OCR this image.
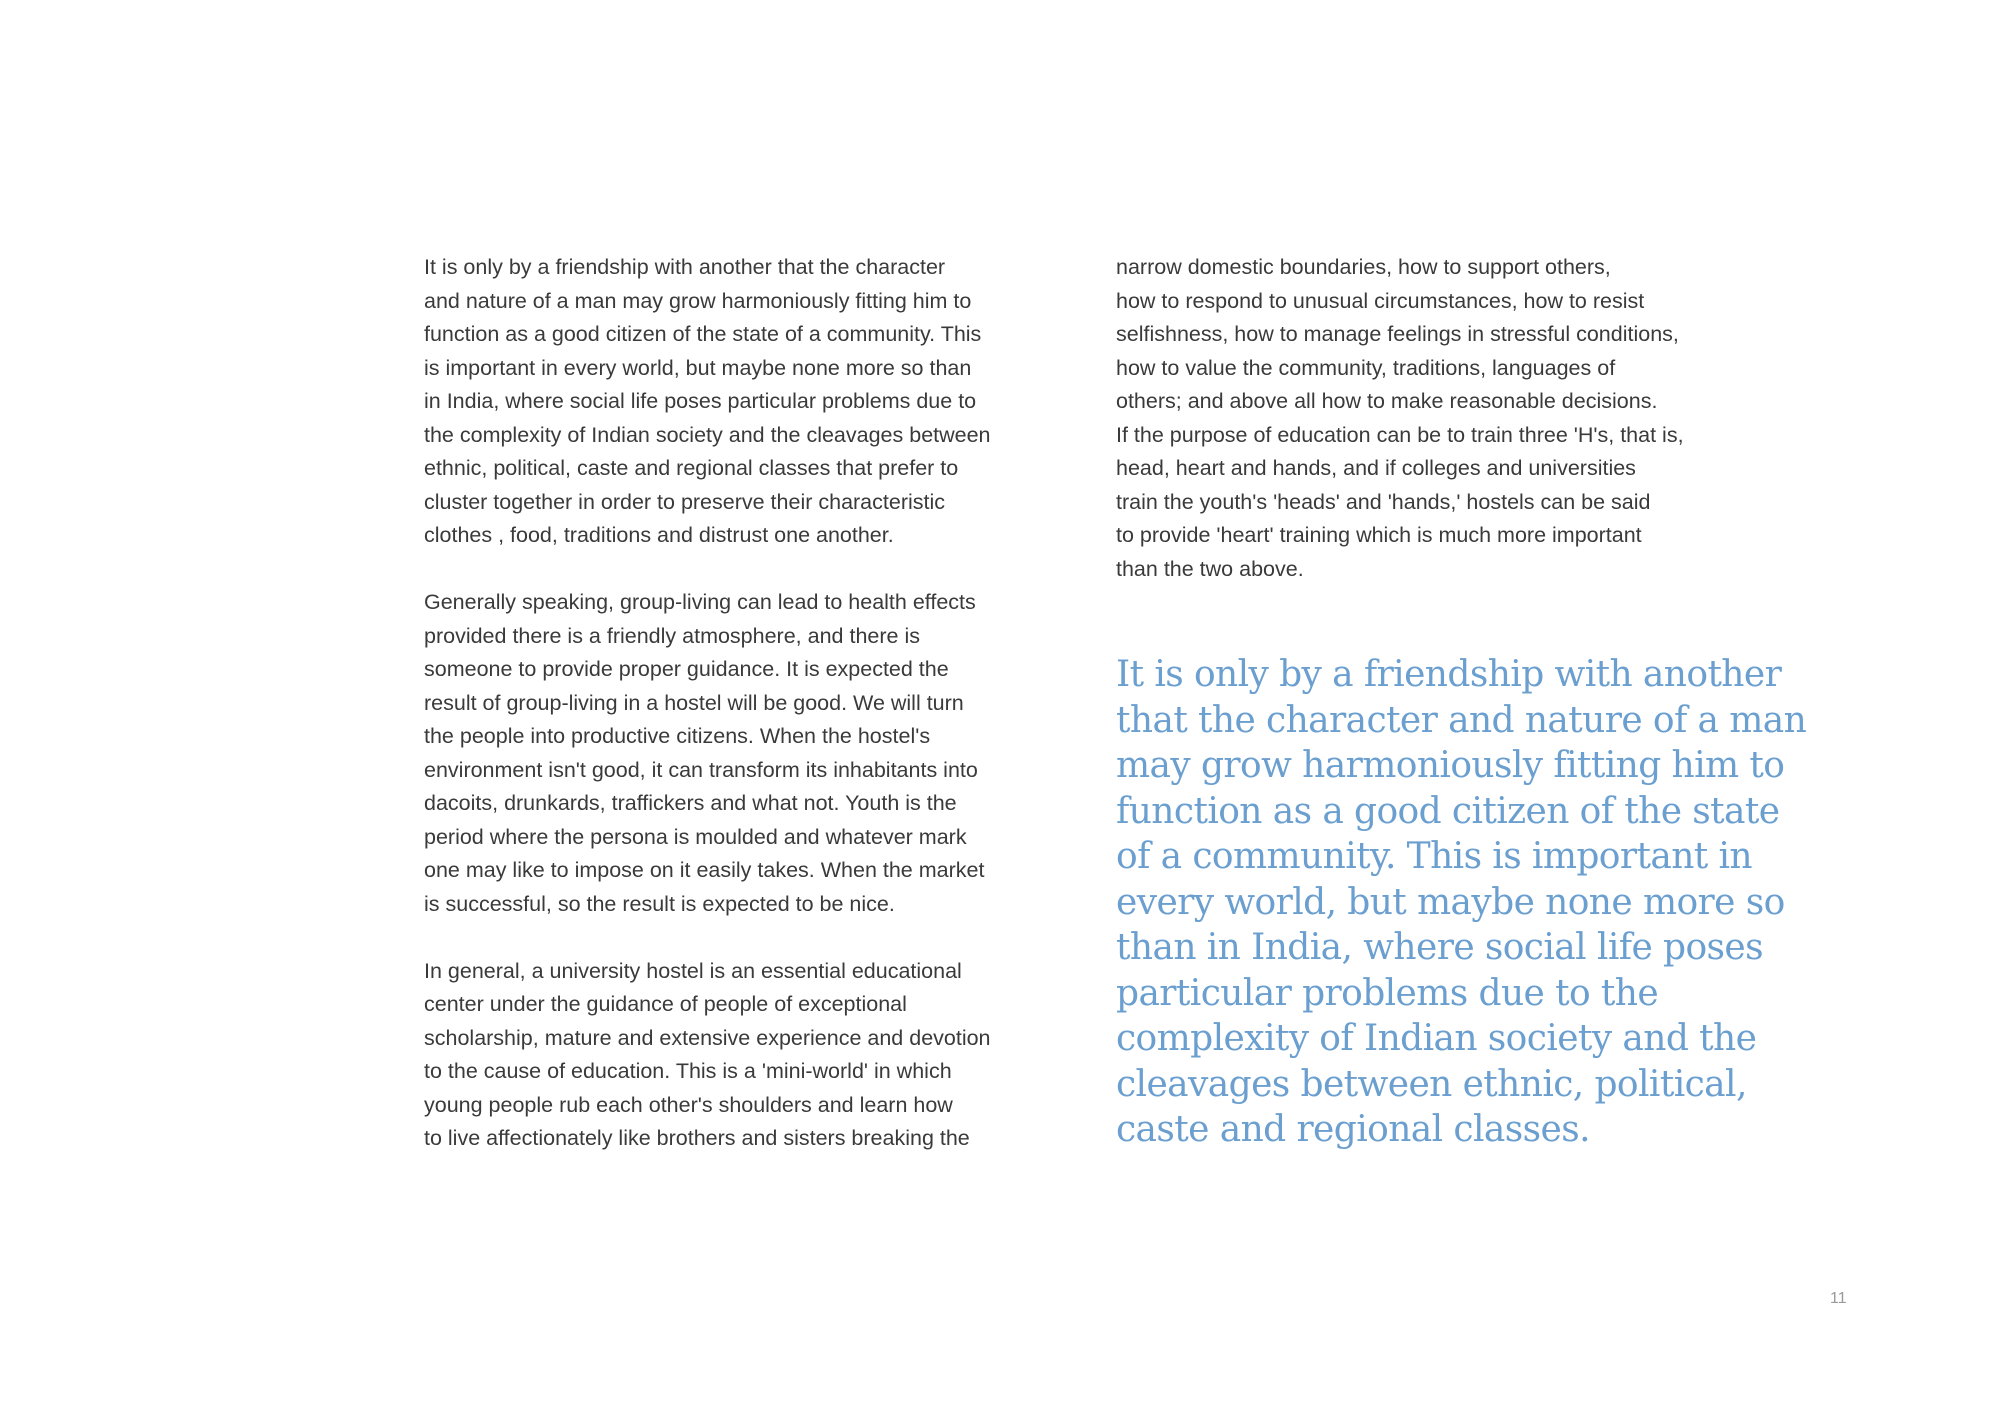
It is only by a friendship with another that the character
and nature of a man may grow harmoniously fitting him to
function as a good citizen of the state of a community. This
is important in every world, but maybe none more so than
in India, where social life poses particular problems due to
the complexity of Indian society and the cleavages between
ethnic, political, caste and regional classes that prefer to
cluster together in order to preserve their characteristic
clothes , food, traditions and distrust one another.

Generally speaking, group-living can lead to health effects
provided there is a friendly atmosphere, and there is
someone to provide proper guidance. It is expected the
result of group-living in a hostel will be good. We will turn
the people into productive citizens. When the hostel's
environment isn't good, it can transform its inhabitants into
dacoits, drunkards, traffickers and what not. Youth is the
period where the persona is moulded and whatever mark
one may like to impose on it easily takes. When the market
is successful, so the result is expected to be nice.

In general, a university hostel is an essential educational
center under the guidance of people of exceptional
scholarship, mature and extensive experience and devotion
to the cause of education. This is a 'mini-world' in which
young people rub each other's shoulders and learn how
to live affectionately like brothers and sisters breaking the

narrow domestic boundaries, how to support others,
how to respond to unusual circumstances, how to resist
selfishness, how to manage feelings in stressful conditions,
how to value the community, traditions, languages of
others; and above all how to make reasonable decisions.
If the purpose of education can be to train three 'H's, that is,
head, heart and hands, and if colleges and universities
train the youth's 'heads' and 'hands,' hostels can be said
to provide 'heart' training which is much more important
than the two above.

It is only by a friendship with another
that the character and nature of a man
may grow harmoniously fitting him to
function as a good citizen of the state
of a community. This is important in
every world, but maybe none more so
than in India, where social life poses
particular problems due to the
complexity of Indian society and the
cleavages between ethnic, political,
caste and regional classes.
11
